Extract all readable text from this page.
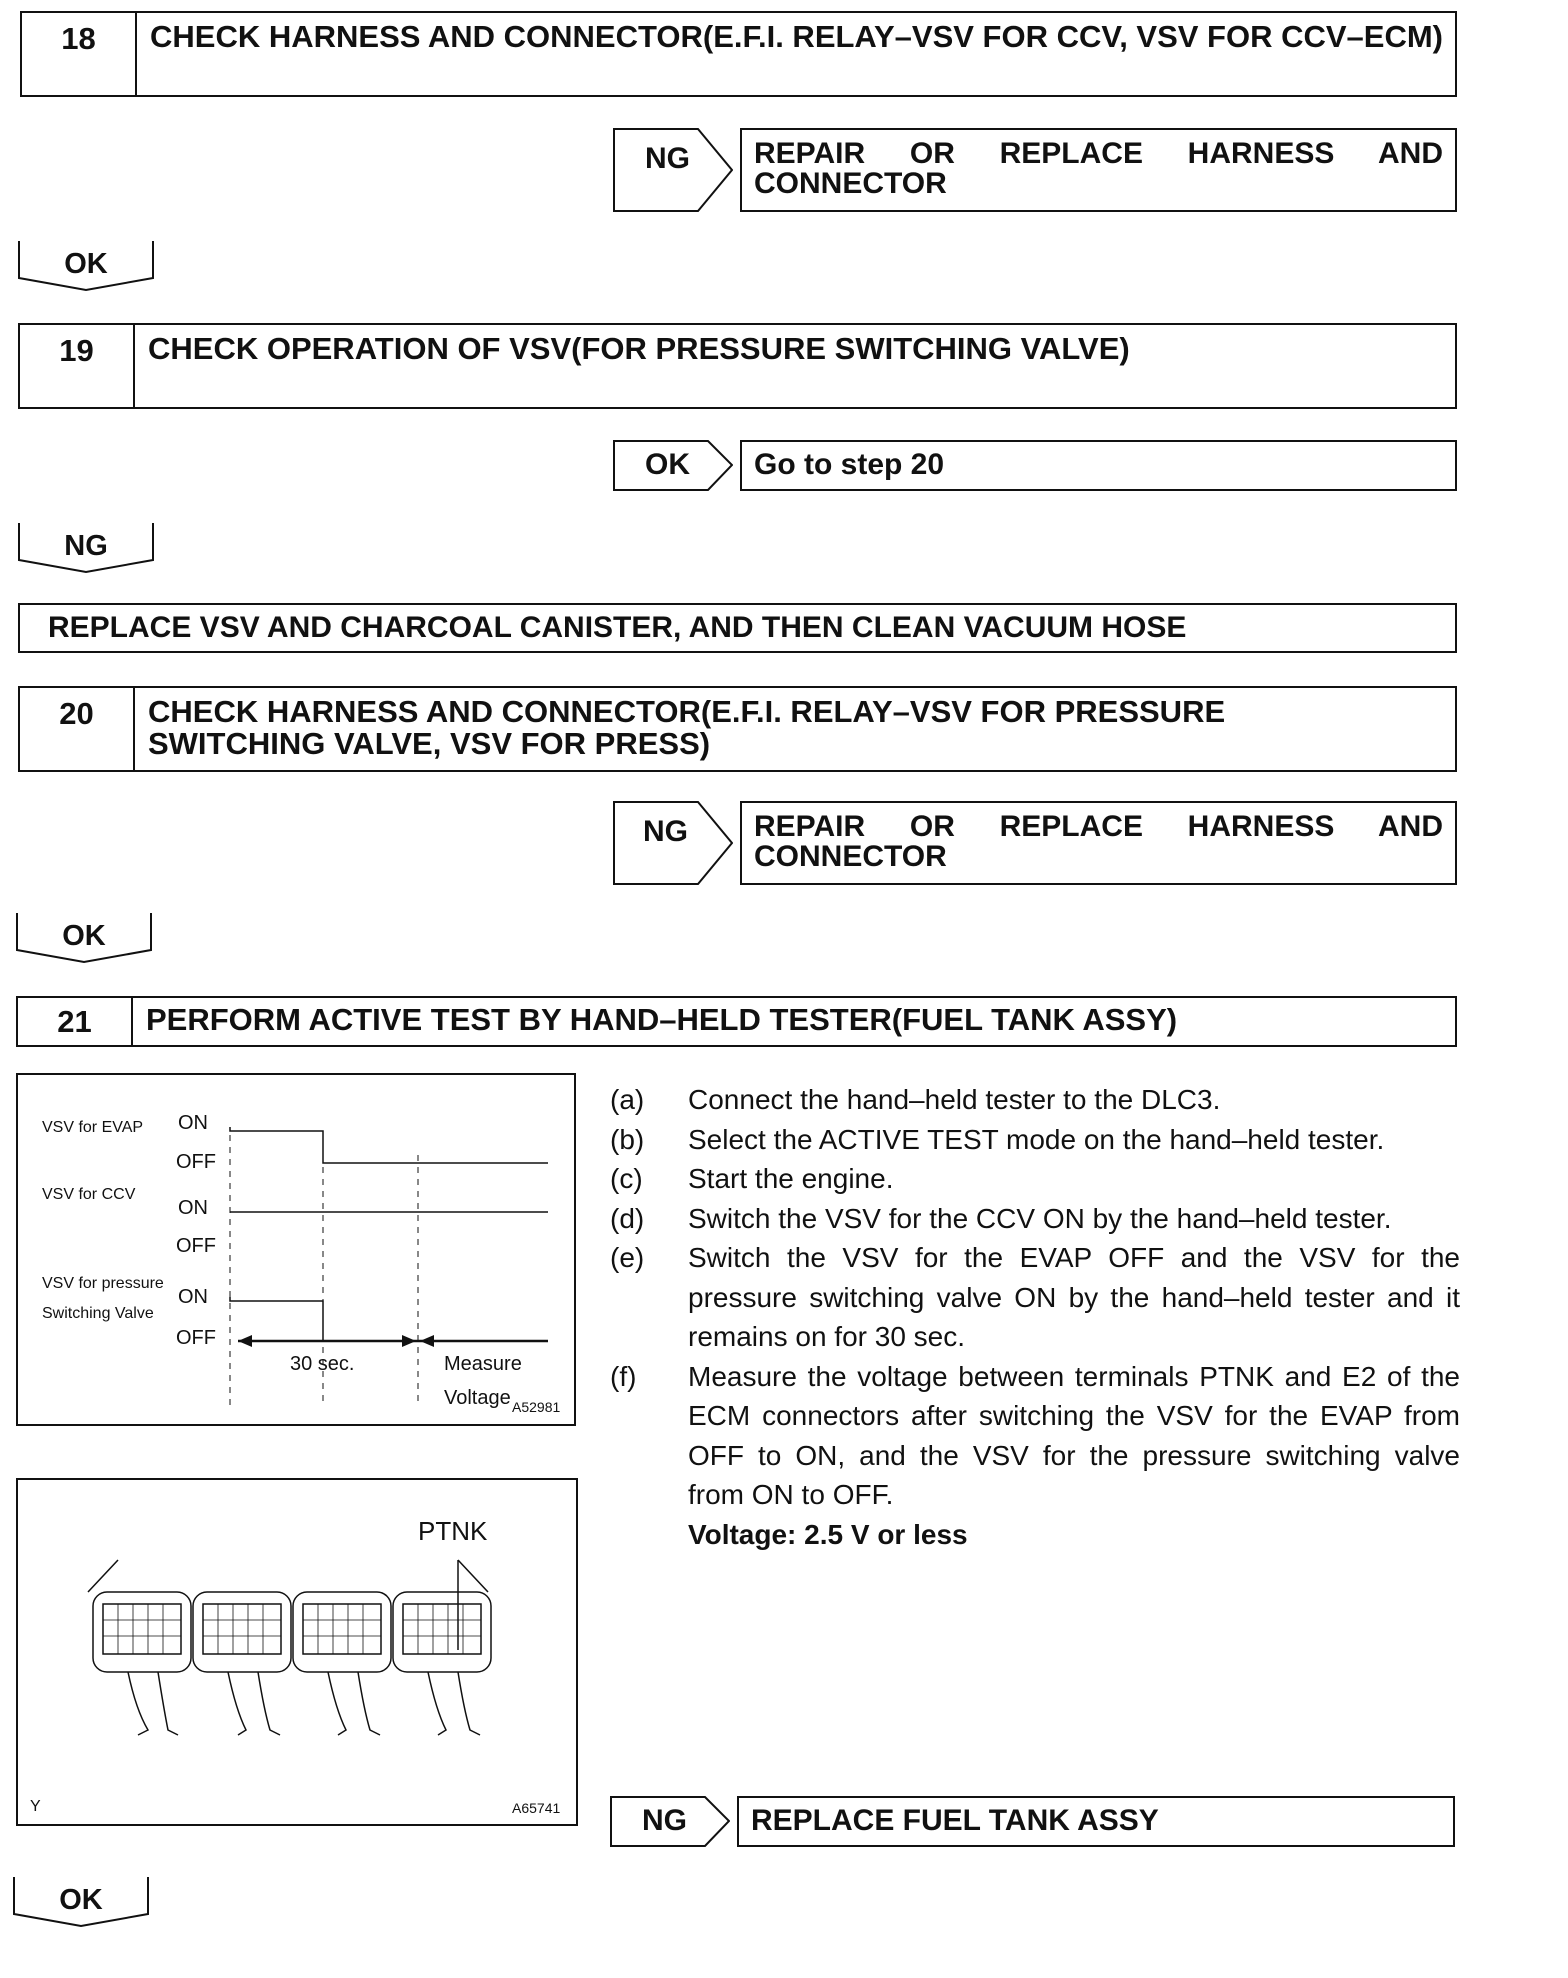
18	CHECK HARNESS AND CONNECTOR(E.F.I. RELAY–VSV FOR CCV, VSV FOR CCV–ECM)
NG	REPAIR OR REPLACE HARNESS AND CONNECTOR
OK
19	CHECK OPERATION OF VSV(FOR PRESSURE SWITCHING VALVE)
OK	Go to step 20
NG
REPLACE VSV AND CHARCOAL CANISTER, AND THEN CLEAN VACUUM HOSE
20	CHECK HARNESS AND CONNECTOR(E.F.I. RELAY–VSV FOR PRESSURE
SWITCHING VALVE, VSV FOR PRESS)
NG	REPAIR OR REPLACE HARNESS AND CONNECTOR
OK
21	PERFORM ACTIVE TEST BY HAND–HELD TESTER(FUEL TANK ASSY)
VSV for EVAP ON
OFF
VSV for CCV
ON
OFF
VSV for pressure
Switching Valve
ON
OFF
30 sec.	Measure
Voltage A52981
PTNK
Y	A65741
(a)	Connect the hand–held tester to the DLC3.
(b)	Select the ACTIVE TEST mode on the hand–held tester.
(c)	Start the engine.
(d)	Switch the VSV for the CCV ON by the hand–held tester.
(e)	Switch the VSV for the EVAP OFF and the VSV for the pressure switching valve ON by the hand–held tester and it remains on for 30 sec.
(f)	Measure the voltage between terminals PTNK and E2 of the ECM connectors after switching the VSV for the EVAP from OFF to ON, and the VSV for the pressure switching valve from ON to OFF.
Voltage: 2.5 V or less
NG	REPLACE FUEL TANK ASSY
OK
